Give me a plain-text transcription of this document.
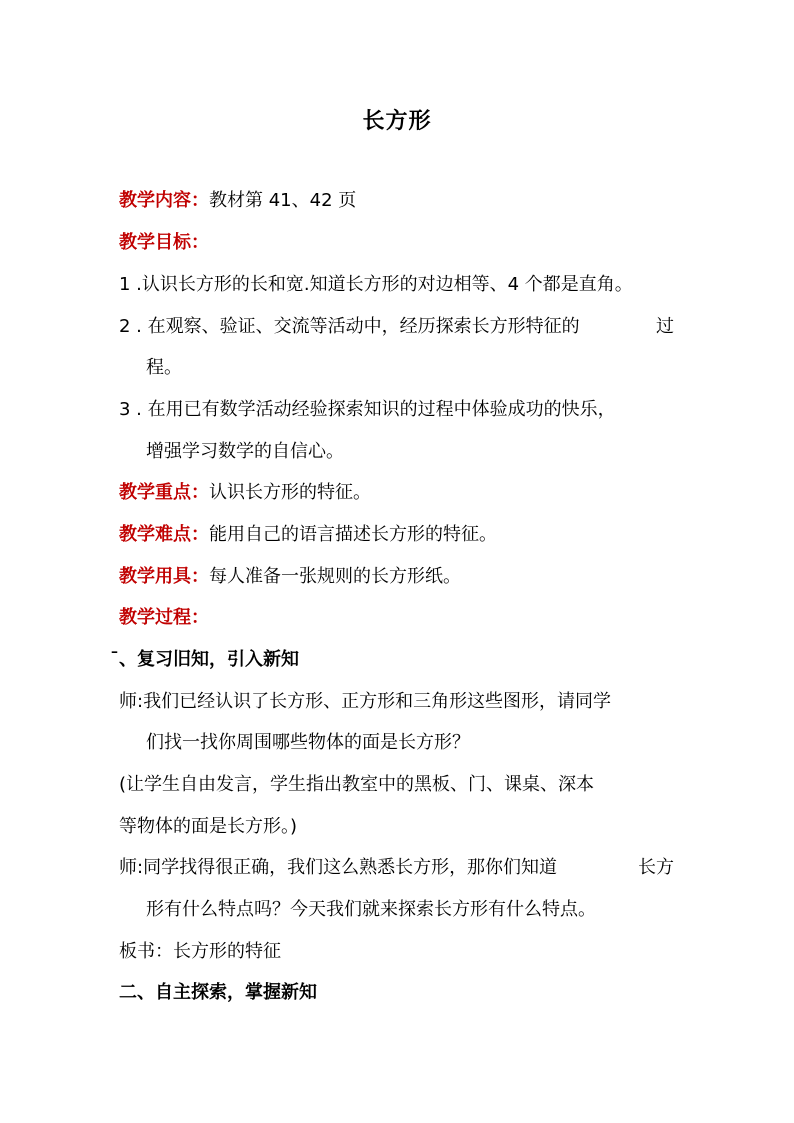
长方形
教学内容：教材第 41、42 页
教学目标：
1 .认识长方形的长和宽.知道长方形的对边相等、4 个都是直角。
2 . 在观察、验证、交流等活动中，经历探索长方形特征的	过
程。
3 . 在用已有数学活动经验探索知识的过程中体验成功的快乐，
增强学习数学的自信心。
教学重点：认识长方形的特征。
教学难点：能用自己的语言描述长方形的特征。
教学用具：每人准备一张规则的长方形纸。
教学过程：
̄、复习旧知，引入新知
师:我们已经认识了长方形、正方形和三角形这些图形，请同学
们找一找你周围哪些物体的面是长方形？
(让学生自由发言，学生指出教室中的黑板、门、课桌、深本
等物体的面是长方形。)
师:同学找得很正确，我们这么熟悉长方形，那你们知道	长方
形有什么特点吗？今天我们就来探索长方形有什么特点。
板书：长方形的特征
二、自主探索，掌握新知
